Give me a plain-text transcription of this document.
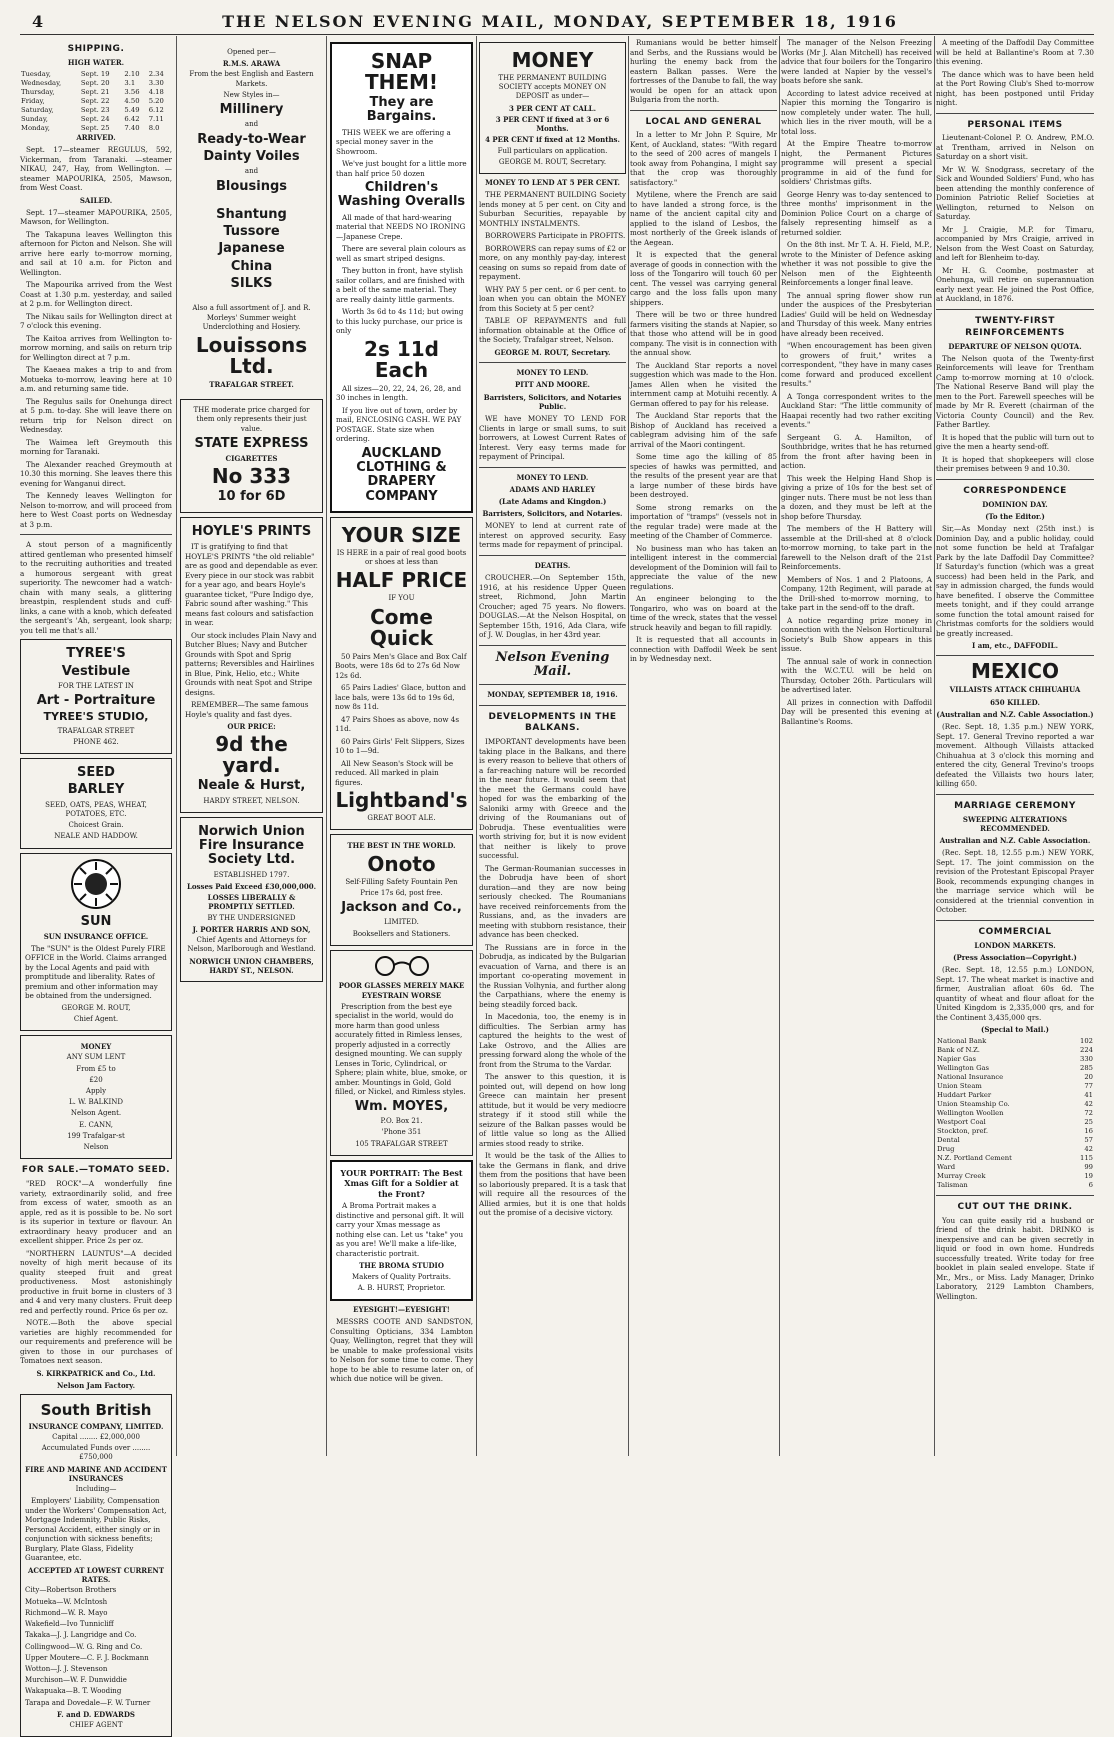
4	THE NELSON EVENING MAIL, MONDAY, SEPTEMBER 18, 1916
SHIPPING.
HIGH WATER.
Tuesday,	Sept. 19	2.10	2.34
Wednesday,	Sept. 20	3.1	3.30
Thursday,	Sept. 21	3.56	4.18
Friday,	Sept. 22	4.50	5.20
Saturday,	Sept. 23	5.49	6.12
Sunday,	Sept. 24	6.42	7.11
Monday,	Sept. 25	7.40	8.0
ARRIVED.

Sept. 17—steamer REGULUS, 592, Vickerman, from Taranaki. —steamer NIKAU, 247, Hay, from Wellington. —steamer MAPOURIKA, 2505, Mawson, from West Coast.

SAILED.

Sept. 17—steamer MAPOURIKA, 2505, Mawson, for Wellington.

The Takapuna leaves Wellington this afternoon for Picton and Nelson. She will arrive here early to-morrow morning, and sail at 10 a.m. for Picton and Wellington.

The Mapourika arrived from the West Coast at 1.30 p.m. yesterday, and sailed at 2 p.m. for Wellington direct.

The Nikau sails for Wellington direct at 7 o'clock this evening.

The Kaitoa arrives from Wellington to-morrow morning, and sails on return trip for Wellington direct at 7 p.m.

The Kaeaea makes a trip to and from Motueka to-morrow, leaving here at 10 a.m. and returning same tide.

The Regulus sails for Onehunga direct at 5 p.m. to-day. She will leave there on return trip for Nelson direct on Wednesday.

The Waimea left Greymouth this morning for Taranaki.

The Alexander reached Greymouth at 10.30 this morning. She leaves there this evening for Wanganui direct.

The Kennedy leaves Wellington for Nelson to-morrow, and will proceed from here to West Coast ports on Wednesday at 3 p.m.

A stout person of a magnificently attired gentleman who presented himself to the recruiting authorities and treated a humorous sergeant with great superiority. The newcomer had a watch-chain with many seals, a glittering breastpin, resplendent studs and cuff-links, a cane with a knob, which defeated the sergeant's 'Ah, sergeant, look sharp; you tell me that's all.'

TYREE'S
Vestibule
FOR THE LATEST IN
Art - Portraiture
TYREE'S STUDIO,
TRAFALGAR STREET
PHONE 462.
SEED
BARLEY
SEED, OATS, PEAS, WHEAT, POTATOES, ETC.
Choicest Grain.
NEALE AND HADDOW.
SUN
SUN INSURANCE OFFICE.

The "SUN" is the Oldest Purely FIRE OFFICE in the World. Claims arranged by the Local Agents and paid with promptitude and liberality. Rates of premium and other information may be obtained from the undersigned.

GEORGE M. ROUT,
Chief Agent.
MONEY
ANY SUM LENT
From £5 to
£20
Apply
L. W. BALKIND
Nelson Agent.
E. CANN,
199 Trafalgar-st
Nelson
FOR SALE.—TOMATO SEED.

"RED ROCK"—A wonderfully fine variety, extraordinarily solid, and free from excess of water, smooth as an apple, red as it is possible to be. No sort is its superior in texture or flavour. An extraordinary heavy producer and an excellent shipper. Price 2s per oz.

"NORTHERN LAUNTUS"—A decided novelty of high merit because of its quality steeped fruit and great productiveness. Most astonishingly productive in fruit borne in clusters of 3 and 4 and very many clusters. Fruit deep red and perfectly round. Price 6s per oz.

NOTE.—Both the above special varieties are highly recommended for our requirements and preference will be given to those in our purchases of Tomatoes next season.

S. KIRKPATRICK and Co., Ltd.
Nelson Jam Factory.
South British
INSURANCE COMPANY, LIMITED.
Capital ........ £2,000,000
Accumulated Funds over ........ £750,000
FIRE AND MARINE AND ACCIDENT INSURANCES
Including—

Employers' Liability, Compensation under the Workers' Compensation Act, Mortgage Indemnity, Public Risks, Personal Accident, either singly or in conjunction with sickness benefits; Burglary, Plate Glass, Fidelity Guarantee, etc.

ACCEPTED AT LOWEST CURRENT RATES.
City—Robertson Brothers
Motueka—W. McIntosh
Richmond—W. R. Mayo
Wakefield—Ivo Tunnicliff
Takaka—J. J. Langridge and Co.
Collingwood—W. G. Ring and Co.
Upper Moutere—C. F. J. Bockmann
Wotton—J. J. Stevenson
Murchison—W. F. Dunwiddie
Wakapuaka—B. T. Wooding
Tarapa and Dovedale—F. W. Turner
F. and D. EDWARDS
CHIEF AGENT
Opened per—
R.M.S. ARAWA
From the best English and Eastern Markets.
New Styles in—
Millinery
and
Ready-to-Wear
Dainty Voiles
and
Blousings
Shantung
Tussore
Japanese
China
SILKS
Also a full assortment of J. and R. Morleys' Summer weight Underclothing and Hosiery.
Louissons Ltd.
TRAFALGAR STREET.
THE moderate price charged for them only represents their just value.
STATE EXPRESS
CIGARETTES
No 333
10 for 6D
HOYLE'S PRINTS

IT is gratifying to find that HOYLE'S PRINTS "the old reliable" are as good and dependable as ever. Every piece in our stock was rabbit for a year ago, and bears Hoyle's guarantee ticket, "Pure Indigo dye, Fabric sound after washing." This means fast colours and satisfaction in wear.

Our stock includes Plain Navy and Butcher Blues; Navy and Butcher Grounds with Spot and Sprig patterns; Reversibles and Hairlines in Blue, Pink, Helio, etc.; White Grounds with neat Spot and Stripe designs.

REMEMBER—The same famous Hoyle's quality and fast dyes.

OUR PRICE:
9d the yard.
Neale & Hurst,
HARDY STREET, NELSON.
Norwich Union Fire Insurance Society Ltd.
ESTABLISHED 1797.
Losses Paid Exceed £30,000,000.
LOSSES LIBERALLY & PROMPTLY SETTLED.
BY THE UNDERSIGNED
J. PORTER HARRIS AND SON,
Chief Agents and Attorneys for Nelson, Marlborough and Westland.
NORWICH UNION CHAMBERS, HARDY ST., NELSON.
SNAP THEM!
They are Bargains.

THIS WEEK we are offering a special money saver in the Showroom.

We've just bought for a little more than half price 50 dozen

Children's Washing Overalls

All made of that hard-wearing material that NEEDS NO IRONING—Japanese Crepe.

There are several plain colours as well as smart striped designs.

They button in front, have stylish sailor collars, and are finished with a belt of the same material. They are really dainty little garments.

Worth 3s 6d to 4s 11d; but owing to this lucky purchase, our price is only

2s 11d Each

All sizes—20, 22, 24, 26, 28, and 30 inches in length.

If you live out of town, order by mail, ENCLOSING CASH. WE PAY POSTAGE. State size when ordering.

AUCKLAND CLOTHING & DRAPERY COMPANY
YOUR SIZE
IS HERE in a pair of real good boots or shoes at less than
HALF PRICE
IF YOU
Come Quick

50 Pairs Men's Glace and Box Calf Boots, were 18s 6d to 27s 6d Now 12s 6d.

65 Pairs Ladies' Glace, button and lace bals, were 13s 6d to 19s 6d, now 8s 11d.

47 Pairs Shoes as above, now 4s 11d.

60 Pairs Girls' Felt Slippers, Sizes 10 to 1—9d.

All New Season's Stock will be reduced. All marked in plain figures.

Lightband's
GREAT BOOT ALE.
THE BEST IN THE WORLD.
Onoto
Self-Filling Safety Fountain Pen
Price 17s 6d, post free.
Jackson and Co.,
LIMITED.
Booksellers and Stationers.
POOR GLASSES MERELY MAKE EYESTRAIN WORSE

Prescription from the best eye specialist in the world, would do more harm than good unless accurately fitted in Rimless lenses, properly adjusted in a correctly designed mounting. We can supply Lenses in Toric, Cylindrical, or Sphere; plain white, blue, smoke, or amber. Mountings in Gold, Gold filled, or Nickel, and Rimless styles.

Wm. MOYES,
P.O. Box 21.
'Phone 351
105 TRAFALGAR STREET
YOUR PORTRAIT: The Best Xmas Gift for a Soldier at the Front?

A Broma Portrait makes a distinctive and personal gift. It will carry your Xmas message as nothing else can. Let us "take" you as you are! We'll make a life-like, characteristic portrait.

THE BROMA STUDIO
Makers of Quality Portraits.
A. B. HURST, Proprietor.
EYESIGHT!—EYESIGHT!

MESSRS COOTE AND SANDSTON, Consulting Opticians, 334 Lambton Quay, Wellington, regret that they will be unable to make professional visits to Nelson for some time to come. They hope to be able to resume later on, of which due notice will be given.

MONEY
THE PERMANENT BUILDING SOCIETY accepts MONEY ON DEPOSIT as under—
3 PER CENT AT CALL.
3 PER CENT if fixed at 3 or 6 Months.
4 PER CENT if fixed at 12 Months.
Full particulars on application.
GEORGE M. ROUT, Secretary.
MONEY TO LEND AT 5 PER CENT.

THE PERMANENT BUILDING Society lends money at 5 per cent. on City and Suburban Securities, repayable by MONTHLY INSTALMENTS.

BORROWERS Participate in PROFITS.

BORROWERS can repay sums of £2 or more, on any monthly pay-day, interest ceasing on sums so repaid from date of repayment.

WHY PAY 5 per cent. or 6 per cent. to loan when you can obtain the MONEY from this Society at 5 per cent?

TABLE OF REPAYMENTS and full information obtainable at the Office of the Society, Trafalgar street, Nelson.

GEORGE M. ROUT, Secretary.
MONEY TO LEND.
PITT AND MOORE.
Barristers, Solicitors, and Notaries Public.

WE have MONEY TO LEND FOR Clients in large or small sums, to suit borrowers, at Lowest Current Rates of Interest. Very easy terms made for repayment of Principal.

MONEY TO LEND.
ADAMS AND HARLEY
(Late Adams and Kingdon.)
Barristers, Solicitors, and Notaries.

MONEY to lend at current rate of interest on approved security. Easy terms made for repayment of principal.

DEATHS.

CROUCHER.—On September 15th, 1916, at his residence Upper Queen street, Richmond, John Martin Croucher; aged 75 years. No flowers. DOUGLAS.—At the Nelson Hospital, on September 15th, 1916, Ada Clara, wife of J. W. Douglas, in her 43rd year.

Nelson Evening Mail.
MONDAY, SEPTEMBER 18, 1916.
DEVELOPMENTS IN THE BALKANS.

IMPORTANT developments have been taking place in the Balkans, and there is every reason to believe that others of a far-reaching nature will be recorded in the near future. It would seem that the meet the Germans could have hoped for was the embarking of the Saloniki army with Greece and the driving of the Roumanians out of Dobrudja. These eventualities were worth striving for, but it is now evident that neither is likely to prove successful.

The German-Roumanian successes in the Dobrudja have been of short duration—and they are now being seriously checked. The Roumanians have received reinforcements from the Russians, and, as the invaders are meeting with stubborn resistance, their advance has been checked.

The Russians are in force in the Dobrudja, as indicated by the Bulgarian evacuation of Varna, and there is an important co-operating movement in the Russian Volhynia, and further along the Carpathians, where the enemy is being steadily forced back.

In Macedonia, too, the enemy is in difficulties. The Serbian army has captured the heights to the west of Lake Ostrovo, and the Allies are pressing forward along the whole of the front from the Struma to the Vardar.

The answer to this question, it is pointed out, will depend on how long Greece can maintain her present attitude, but it would be very mediocre strategy if it stood still while the seizure of the Balkan passes would be of little value so long as the Allied armies stood ready to strike.

It would be the task of the Allies to take the Germans in flank, and drive them from the positions that have been so laboriously prepared. It is a task that will require all the resources of the Allied armies, but it is one that holds out the promise of a decisive victory.

Rumanians would be better himself and Serbs, and the Russians would be hurling the enemy back from the eastern Balkan passes. Were the fortresses of the Danube to fall, the way would be open for an attack upon Bulgaria from the north.

LOCAL AND GENERAL

In a letter to Mr John P. Squire, Mr Kent, of Auckland, states: "With regard to the seed of 200 acres of mangels I took away from Pohangina, I might say that the crop was thoroughly satisfactory."

Mytilene, where the French are said to have landed a strong force, is the name of the ancient capital city and applied to the island of Lesbos, the most northerly of the Greek islands of the Aegean.

It is expected that the general average of goods in connection with the loss of the Tongariro will touch 60 per cent. The vessel was carrying general cargo and the loss falls upon many shippers.

There will be two or three hundred farmers visiting the stands at Napier, so that those who attend will be in good company. The visit is in connection with the annual show.

The Auckland Star reports a novel suggestion which was made to the Hon. James Allen when he visited the internment camp at Motuihi recently. A German offered to pay for his release.

The Auckland Star reports that the Bishop of Auckland has received a cablegram advising him of the safe arrival of the Maori contingent.

Some time ago the killing of 85 species of hawks was permitted, and the results of the present year are that a large number of these birds have been destroyed.

Some strong remarks on the importation of "tramps" (vessels not in the regular trade) were made at the meeting of the Chamber of Commerce.

No business man who has taken an intelligent interest in the commercial development of the Dominion will fail to appreciate the value of the new regulations.

An engineer belonging to the Tongariro, who was on board at the time of the wreck, states that the vessel struck heavily and began to fill rapidly.

It is requested that all accounts in connection with Daffodil Week be sent in by Wednesday next.

The manager of the Nelson Freezing Works (Mr J. Alan Mitchell) has received advice that four boilers for the Tongariro were landed at Napier by the vessel's boats before she sank.

According to latest advice received at Napier this morning the Tongariro is now completely under water. The hull, which lies in the river mouth, will be a total loss.

At the Empire Theatre to-morrow night, the Permanent Pictures programme will present a special programme in aid of the fund for soldiers' Christmas gifts.

George Henry was to-day sentenced to three months' imprisonment in the Dominion Police Court on a charge of falsely representing himself as a returned soldier.

On the 8th inst. Mr T. A. H. Field, M.P., wrote to the Minister of Defence asking whether it was not possible to give the Nelson men of the Eighteenth Reinforcements a longer final leave.

The annual spring flower show run under the auspices of the Presbyterian Ladies' Guild will be held on Wednesday and Thursday of this week. Many entries have already been received.

"When encouragement has been given to growers of fruit," writes a correspondent, "they have in many cases come forward and produced excellent results."

A Tonga correspondent writes to the Auckland Star: "The little community of Haapai recently had two rather exciting events."

Sergeant G. A. Hamilton, of Southbridge, writes that he has returned from the front after having been in action.

This week the Helping Hand Shop is giving a prize of 10s for the best set of ginger nuts. There must be not less than a dozen, and they must be left at the shop before Thursday.

The members of the H Battery will assemble at the Drill-shed at 8 o'clock to-morrow morning, to take part in the farewell to the Nelson draft of the 21st Reinforcements.

Members of Nos. 1 and 2 Platoons, A Company, 12th Regiment, will parade at the Drill-shed to-morrow morning, to take part in the send-off to the draft.

A notice regarding prize money in connection with the Nelson Horticultural Society's Bulb Show appears in this issue.

The annual sale of work in connection with the W.C.T.U. will be held on Thursday, October 26th. Particulars will be advertised later.

All prizes in connection with Daffodil Day will be presented this evening at Ballantine's Rooms.

A meeting of the Daffodil Day Committee will be held at Ballantine's Room at 7.30 this evening.

The dance which was to have been held at the Port Rowing Club's Shed to-morrow night, has been postponed until Friday night.

PERSONAL ITEMS

Lieutenant-Colonel P. O. Andrew, P.M.O. at Trentham, arrived in Nelson on Saturday on a short visit.

Mr W. W. Snodgrass, secretary of the Sick and Wounded Soldiers' Fund, who has been attending the monthly conference of Dominion Patriotic Relief Societies at Wellington, returned to Nelson on Saturday.

Mr J. Craigie, M.P. for Timaru, accompanied by Mrs Craigie, arrived in Nelson from the West Coast on Saturday, and left for Blenheim to-day.

Mr H. G. Coombe, postmaster at Onehunga, will retire on superannuation early next year. He joined the Post Office, at Auckland, in 1876.

TWENTY-FIRST REINFORCEMENTS
DEPARTURE OF NELSON QUOTA.

The Nelson quota of the Twenty-first Reinforcements will leave for Trentham Camp to-morrow morning at 10 o'clock. The National Reserve Band will play the men to the Port. Farewell speeches will be made by Mr R. Everett (chairman of the Victoria County Council) and the Rev. Father Bartley.

It is hoped that the public will turn out to give the men a hearty send-off.

It is hoped that shopkeepers will close their premises between 9 and 10.30.

CORRESPONDENCE
DOMINION DAY.
(To the Editor.)

Sir,—As Monday next (25th inst.) is Dominion Day, and a public holiday, could not some function be held at Trafalgar Park by the late Daffodil Day Committee? If Saturday's function (which was a great success) had been held in the Park, and say in admission charged, the funds would have benefited. I observe the Committee meets tonight, and if they could arrange some function the total amount raised for Christmas comforts for the soldiers would be greatly increased.

I am, etc., DAFFODIL.
MEXICO
VILLAISTS ATTACK CHIHUAHUA
650 KILLED.
(Australian and N.Z. Cable Association.)

(Rec. Sept. 18, 1.35 p.m.) NEW YORK, Sept. 17. General Trevino reported a war movement. Although Villaists attacked Chihuahua at 3 o'clock this morning and entered the city, General Trevino's troops defeated the Villaists two hours later, killing 650.

MARRIAGE CEREMONY
SWEEPING ALTERATIONS RECOMMENDED.
Australian and N.Z. Cable Association.

(Rec. Sept. 18, 12.55 p.m.) NEW YORK, Sept. 17. The joint commission on the revision of the Protestant Episcopal Prayer Book, recommends expunging changes in the marriage service which will be considered at the triennial convention in October.

COMMERCIAL
LONDON MARKETS.
(Press Association—Copyright.)

(Rec. Sept. 18, 12.55 p.m.) LONDON, Sept. 17. The wheat market is inactive and firmer, Australian afloat 60s 6d. The quantity of wheat and flour afloat for the United Kingdom is 2,335,000 qrs, and for the Continent 3,435,000 qrs.

(Special to Mail.)
National Bank	102
Bank of N.Z.	224
Napier Gas	330
Wellington Gas	285
National Insurance	20
Union Steam	77
Huddart Parker	41
Union Steamship Co.	42
Wellington Woollen	72
Westport Coal	25
Stockton, pref.	16
Dental	57
Drug	42
N.Z. Portland Cement	115
Ward	99
Murray Creek	19
Talisman	6
CUT OUT THE DRINK.

You can quite easily rid a husband or friend of the drink habit. DRINKO is inexpensive and can be given secretly in liquid or food in own home. Hundreds successfully treated. Write today for free booklet in plain sealed envelope. State if Mr., Mrs., or Miss. Lady Manager, Drinko Laboratory, 2129 Lambton Chambers, Wellington.
